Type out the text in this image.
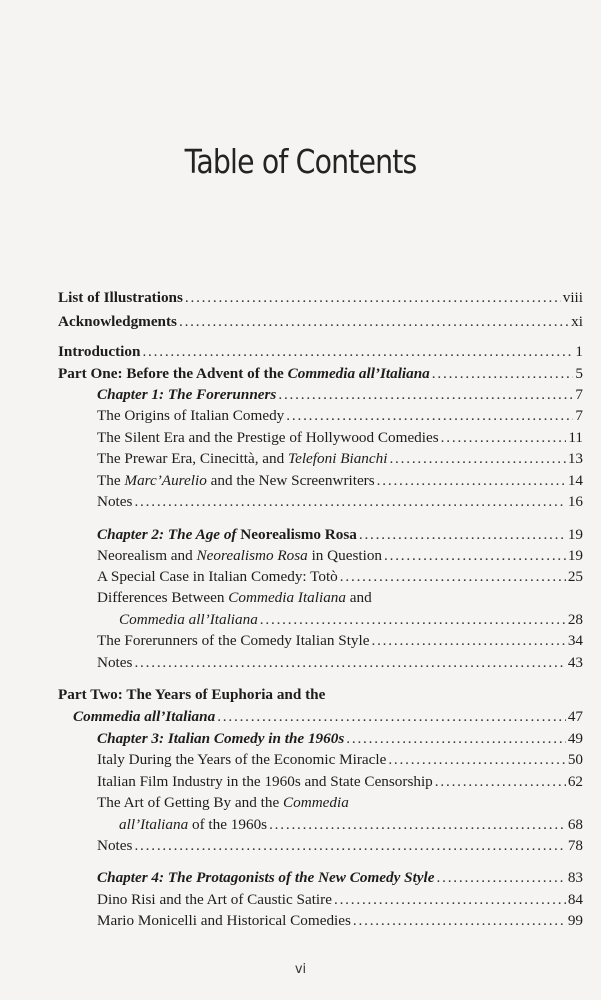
Table of Contents
List of Illustrations . . .	viii
Acknowledgments . . .	xi
Introduction . . .	1
Part One: Before the Advent of the Commedia all’Italiana . . .	5
Chapter 1: The Forerunners . . .	7
The Origins of Italian Comedy . . .	7
The Silent Era and the Prestige of Hollywood Comedies . . .	11
The Prewar Era, Cinecittà, and Telefoni Bianchi . . .	13
The Marc’Aurelio and the New Screenwriters . . .	14
Notes . . .	16
Chapter 2: The Age of Neorealismo Rosa . . .	19
Neorealism and Neorealismo Rosa in Question . . .	19
A Special Case in Italian Comedy: Totò . . .	25
Differences Between Commedia Italiana and
Commedia all’Italiana . . .	28
The Forerunners of the Comedy Italian Style . . .	34
Notes . . .	43
Part Two: The Years of Euphoria and the
Commedia all’Italiana . . .	47
Chapter 3: Italian Comedy in the 1960s . . .	49
Italy During the Years of the Economic Miracle . . .	50
Italian Film Industry in the 1960s and State Censorship . . .	62
The Art of Getting By and the Commedia
all’Italiana of the 1960s . . .	68
Notes . . .	78
Chapter 4: The Protagonists of the New Comedy Style . . .	83
Dino Risi and the Art of Caustic Satire . . .	84
Mario Monicelli and Historical Comedies . . .	99
vi
